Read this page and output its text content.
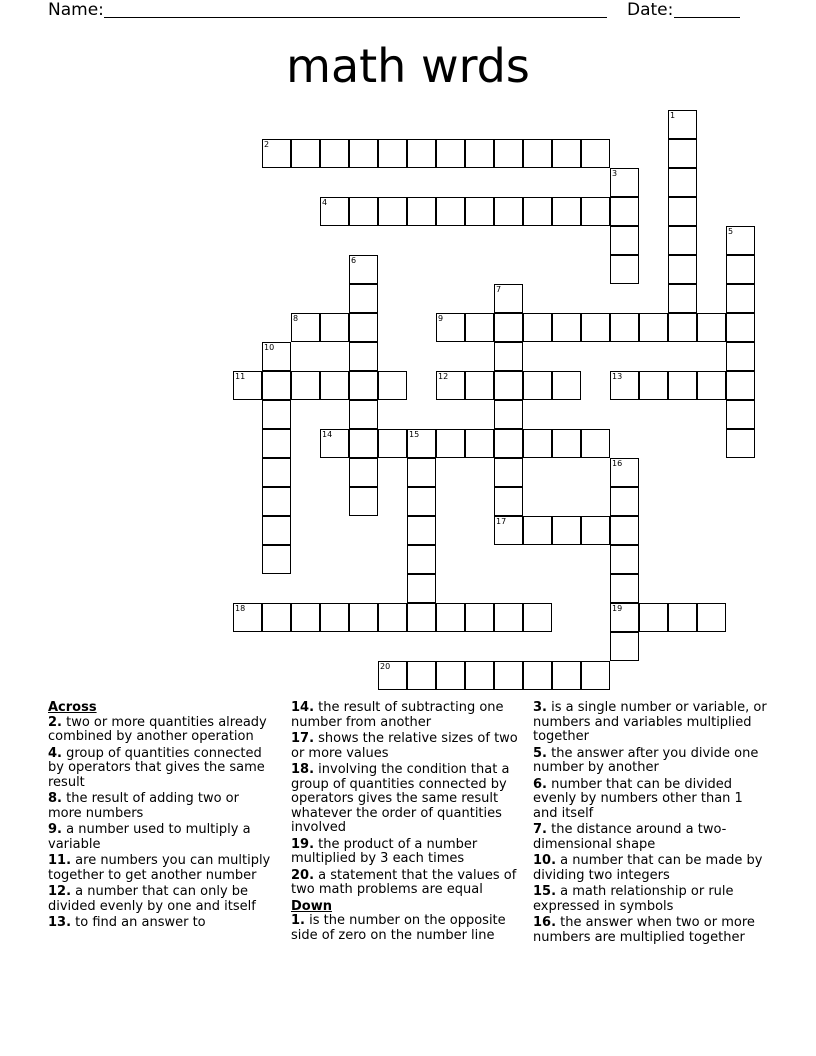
Name:	Date:
math wrds
2
4
9
8
11	12	13
14
17
18	19
20
1
3
5
6
7
10
15
16
Across
2. two or more quantities already combined by another operation
4. group of quantities connected by operators that gives the same result
8. the result of adding two or more numbers
9. a number used to multiply a variable
11. are numbers you can multiply together to get another number
12. a number that can only be divided evenly by one and itself
13. to find an answer to
14. the result of subtracting one number from another
17. shows the relative sizes of two or more values
18. involving the condition that a group of quantities connected by operators gives the same result whatever the order of quantities involved
19. the product of a number multiplied by 3 each times
20. a statement that the values of two math problems are equal
Down
1. is the number on the opposite side of zero on the number line
3. is a single number or variable, or numbers and variables multiplied together
5. the answer after you divide one number by another
6. number that can be divided evenly by numbers other than 1 and itself
7. the distance around a two-dimensional shape
10. a number that can be made by dividing two integers
15. a math relationship or rule expressed in symbols
16. the answer when two or more numbers are multiplied together
